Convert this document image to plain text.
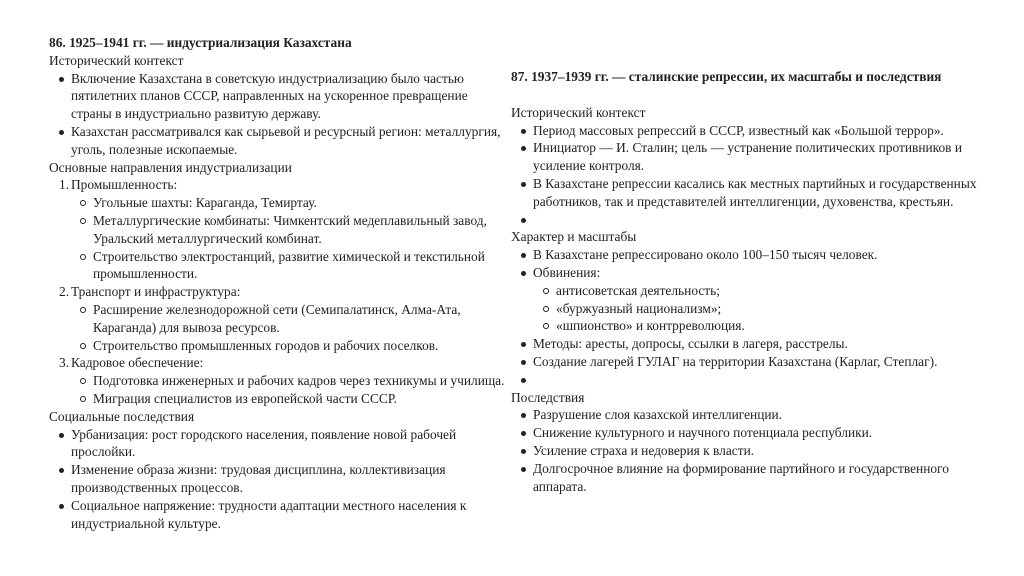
86. 1925–1941 гг. — индустриализация Казахстана

Исторический контекст

Включение Казахстана в советскую индустриализацию было частью пятилетних планов СССР, направленных на ускоренное превращение страны в индустриально развитую державу.
Казахстан рассматривался как сырьевой и ресурсный регион: металлургия, уголь, полезные ископаемые.

Основные направления индустриализации

1. Промышленность:
Угольные шахты: Караганда, Темиртау.
Металлургические комбинаты: Чимкентский медеплавильный завод, Уральский металлургический комбинат.
Строительство электростанций, развитие химической и текстильной промышленности.
2. Транспорт и инфраструктура:
Расширение железнодорожной сети (Семипалатинск, Алма-Ата, Караганда) для вывоза ресурсов.
Строительство промышленных городов и рабочих поселков.
3. Кадровое обеспечение:
Подготовка инженерных и рабочих кадров через техникумы и училища.
Миграция специалистов из европейской части СССР.

Социальные последствия

Урбанизация: рост городского населения, появление новой рабочей прослойки.
Изменение образа жизни: трудовая дисциплина, коллективизация производственных процессов.
Социальное напряжение: трудности адаптации местного населения к индустриальной культуре.

87. 1937–1939 гг. — сталинские репрессии, их масштабы и последствия

Исторический контекст

Период массовых репрессий в СССР, известный как «Большой террор».
Инициатор — И. Сталин; цель — устранение политических противников и усиление контроля.
В Казахстане репрессии касались как местных партийных и государственных работников, так и представителей интеллигенции, духовенства, крестьян.

Характер и масштабы

В Казахстане репрессировано около 100–150 тысяч человек.
Обвинения:
антисоветская деятельность;
«буржуазный национализм»;
«шпионство» и контрреволюция.
Методы: аресты, допросы, ссылки в лагеря, расстрелы.
Создание лагерей ГУЛАГ на территории Казахстана (Карлаг, Степлаг).

Последствия

Разрушение слоя казахской интеллигенции.
Снижение культурного и научного потенциала республики.
Усиление страха и недоверия к власти.
Долгосрочное влияние на формирование партийного и государственного аппарата.
